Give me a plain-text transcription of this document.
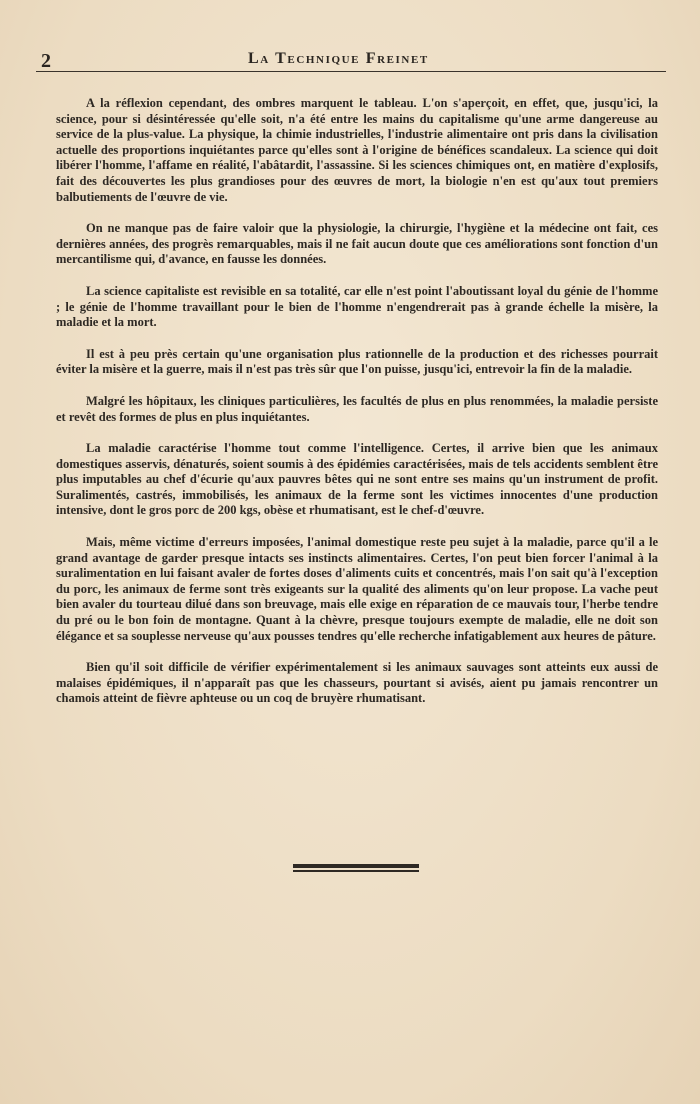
2	La Technique Freinet

A la réflexion cependant, des ombres marquent le tableau. L'on s'aperçoit, en effet, que, jusqu'ici, la science, pour si désintéressée qu'elle soit, n'a été entre les mains du capitalisme qu'une arme dangereuse au service de la plus-value. La physique, la chimie industrielles, l'industrie alimentaire ont pris dans la civilisation actuelle des proportions inquiétantes parce qu'elles sont à l'origine de bénéfices scandaleux. La science qui doit libérer l'homme, l'affame en réalité, l'abâtardit, l'assassine. Si les sciences chimiques ont, en matière d'explosifs, fait des découvertes les plus grandioses pour des œuvres de mort, la biologie n'en est qu'aux tout premiers balbutiements de l'œuvre de vie.

On ne manque pas de faire valoir que la physiologie, la chirurgie, l'hygiène et la médecine ont fait, ces dernières années, des progrès remarquables, mais il ne fait aucun doute que ces améliorations sont fonction d'un mercantilisme qui, d'avance, en fausse les données.

La science capitaliste est revisible en sa totalité, car elle n'est point l'aboutissant loyal du génie de l'homme ; le génie de l'homme travaillant pour le bien de l'homme n'engendrerait pas à grande échelle la misère, la maladie et la mort.

Il est à peu près certain qu'une organisation plus rationnelle de la production et des richesses pourrait éviter la misère et la guerre, mais il n'est pas très sûr que l'on puisse, jusqu'ici, entrevoir la fin de la maladie.

Malgré les hôpitaux, les cliniques particulières, les facultés de plus en plus renommées, la maladie persiste et revêt des formes de plus en plus inquiétantes.

La maladie caractérise l'homme tout comme l'intelligence. Certes, il arrive bien que les animaux domestiques asservis, dénaturés, soient soumis à des épidémies caractérisées, mais de tels accidents semblent être plus imputables au chef d'écurie qu'aux pauvres bêtes qui ne sont entre ses mains qu'un instrument de profit. Suralimentés, castrés, immobilisés, les animaux de la ferme sont les victimes innocentes d'une production intensive, dont le gros porc de 200 kgs, obèse et rhumatisant, est le chef-d'œuvre.

Mais, même victime d'erreurs imposées, l'animal domestique reste peu sujet à la maladie, parce qu'il a le grand avantage de garder presque intacts ses instincts alimentaires. Certes, l'on peut bien forcer l'animal à la suralimentation en lui faisant avaler de fortes doses d'aliments cuits et concentrés, mais l'on sait qu'à l'exception du porc, les animaux de ferme sont très exigeants sur la qualité des aliments qu'on leur propose. La vache peut bien avaler du tourteau dilué dans son breuvage, mais elle exige en réparation de ce mauvais tour, l'herbe tendre du pré ou le bon foin de montagne. Quant à la chèvre, presque toujours exempte de maladie, elle ne doit son élégance et sa souplesse nerveuse qu'aux pousses tendres qu'elle recherche infatigablement aux heures de pâture.

Bien qu'il soit difficile de vérifier expérimentalement si les animaux sauvages sont atteints eux aussi de malaises épidémiques, il n'apparaît pas que les chasseurs, pourtant si avisés, aient pu jamais rencontrer un chamois atteint de fièvre aphteuse ou un coq de bruyère rhumatisant.
